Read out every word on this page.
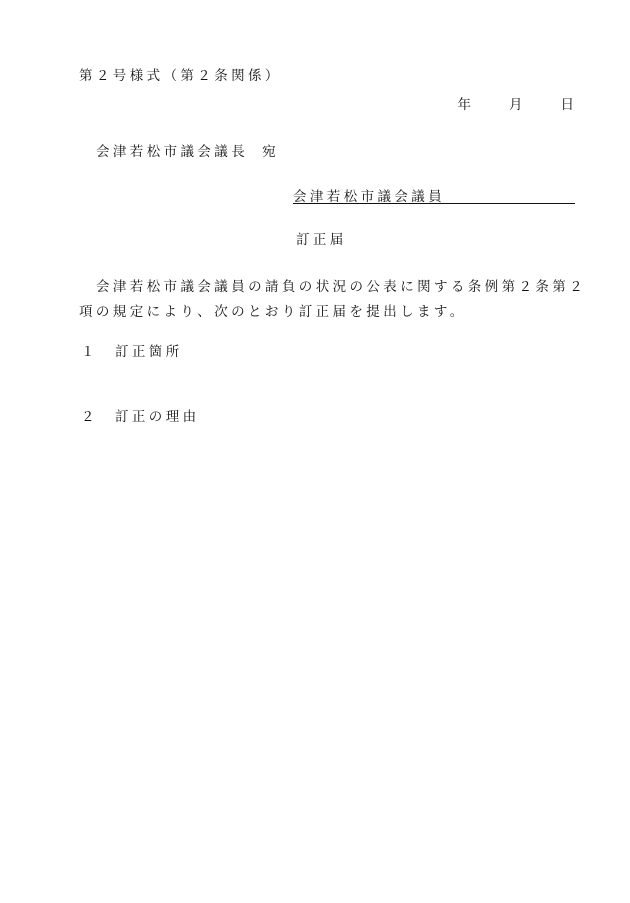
第２号様式（第２条関係）
年	月	日
会津若松市議会議長 宛
会津若松市議会議員
訂正届
会津若松市議会議員の請負の状況の公表に関する条例第２条第２項の規定により、次のとおり訂正届を提出します。
１ 訂正箇所
２ 訂正の理由
